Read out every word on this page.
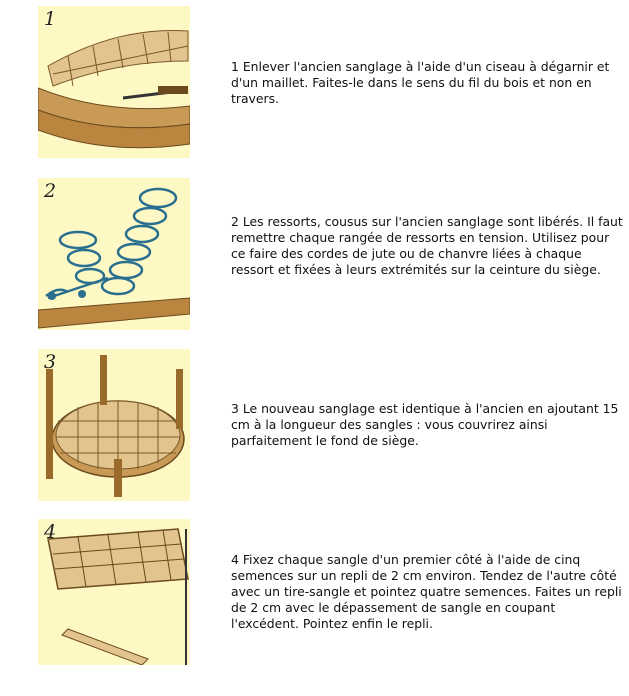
1
1 Enlever l'ancien sanglage à l'aide d'un ciseau à dégarnir et d'un maillet. Faites-le dans le sens du fil du bois et non en travers.
2
2 Les ressorts, cousus sur l'ancien sanglage sont libérés. Il faut remettre chaque rangée de ressorts en tension. Utilisez pour ce faire des cordes de jute ou de chanvre liées à chaque ressort et fixées à leurs extrémités sur la ceinture du siège.
3
3 Le nouveau sanglage est identique à l'ancien en ajoutant 15 cm à la longueur des sangles : vous couvrirez ainsi parfaitement le fond de siège.
4
4 Fixez chaque sangle d'un premier côté à l'aide de cinq semences sur un repli de 2 cm environ. Tendez de l'autre côté avec un tire-sangle et pointez quatre semences. Faites un repli de 2 cm avec le dépassement de sangle en coupant l'excédent. Pointez enfin le repli.
